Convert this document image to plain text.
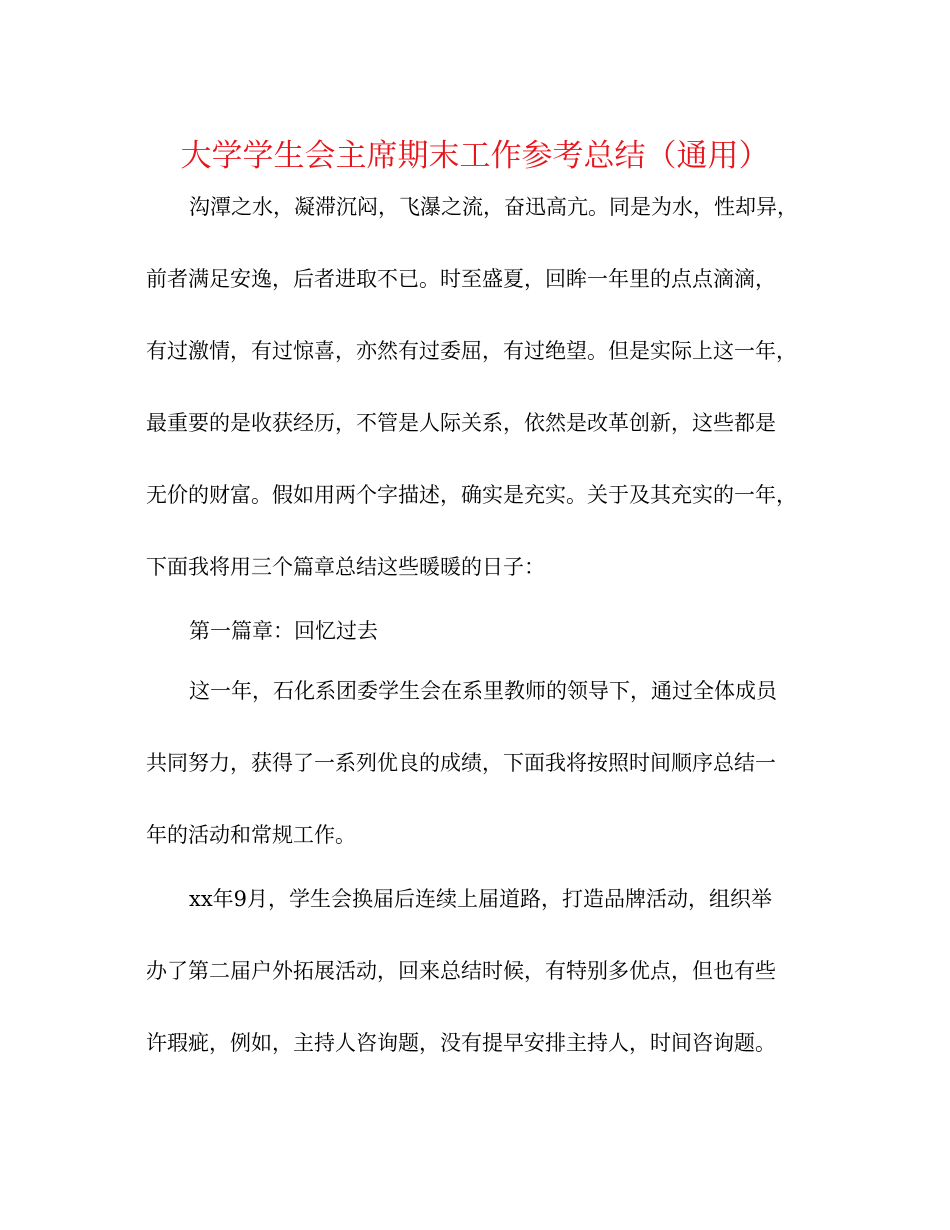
大学学生会主席期末工作参考总结（通用）
沟潭之水，凝滞沉闷，飞瀑之流，奋迅高亢。同是为水，性却异，
前者满足安逸，后者进取不已。时至盛夏，回眸一年里的点点滴滴，
有过激情，有过惊喜，亦然有过委屈，有过绝望。但是实际上这一年，
最重要的是收获经历，不管是人际关系，依然是改革创新，这些都是
无价的财富。假如用两个字描述，确实是充实。关于及其充实的一年，
下面我将用三个篇章总结这些暖暖的日子：
第一篇章：回忆过去
这一年，石化系团委学生会在系里教师的领导下，通过全体成员
共同努力，获得了一系列优良的成绩，下面我将按照时间顺序总结一
年的活动和常规工作。
xx年9月，学生会换届后连续上届道路，打造品牌活动，组织举
办了第二届户外拓展活动，回来总结时候，有特别多优点，但也有些
许瑕疵，例如，主持人咨询题，没有提早安排主持人，时间咨询题。
